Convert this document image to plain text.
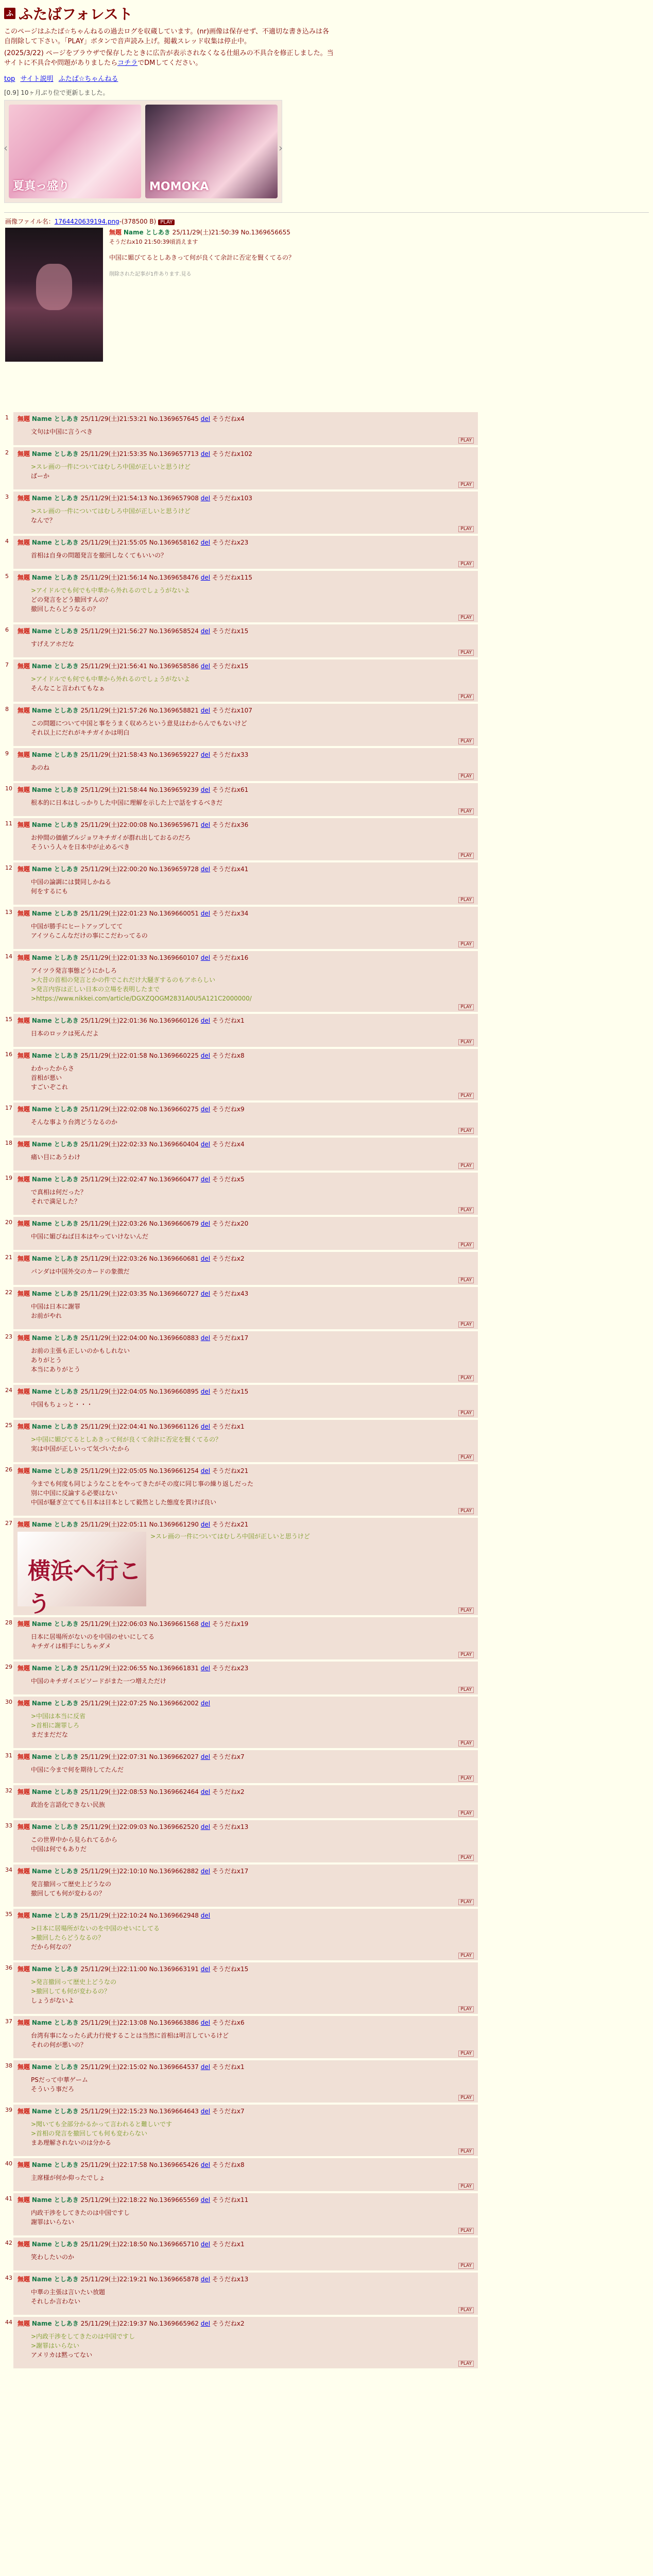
ふ ふたばフォレスト
このページはふたば☆ちゃんねるの過去ログを収蔵しています。(nr)画像は保存せず、不適切な書き込みは各自削除して下さい。「PLAY」ボタンで音声読み上げ。掲載スレッド収集は停止中。
(2025/3/22) ページをブラウザで保存したときに広告が表示されなくなる仕組みの不具合を修正しました。当サイトに不具合や問題がありましたらコチラでDMしてください。
top サイト説明 ふたば☆ちゃんねる
[0.9] 10ヶ月ぶり位で更新しました。
‹
夏真っ盛り	MOMOKA
›
画像ファイル名：1764420639194.png-(378500 B) PLAY
無題 Name としあき 25/11/29(土)21:50:39 No.1369656655
そうだねx10 21:50:39頃消えます
中国に媚びてるとしあきって何が良くて余計に否定を賢くてるの？
削除された記事が1件あります.見る
1 無題 Name としあき 25/11/29(土)21:53:21 No.1369657645 del そうだねx4
文句は中国に言うべき
PLAY
2 無題 Name としあき 25/11/29(土)21:53:35 No.1369657713 del そうだねx102
>スレ画の一件についてはむしろ中国が正しいと思うけど
ばーか
PLAY
3 無題 Name としあき 25/11/29(土)21:54:13 No.1369657908 del そうだねx103
>スレ画の一件についてはむしろ中国が正しいと思うけど
なんで？
PLAY
4 無題 Name としあき 25/11/29(土)21:55:05 No.1369658162 del そうだねx23
首相は自身の問題発言を撤回しなくてもいいの？
PLAY
5 無題 Name としあき 25/11/29(土)21:56:14 No.1369658476 del そうだねx115
>アイドルでも何でも中華から外れるのでしょうがないよ
どの発言をどう撤回すんの？
撤回したらどうなるの？
PLAY
6 無題 Name としあき 25/11/29(土)21:56:27 No.1369658524 del そうだねx15
すげえアホだな
PLAY
7 無題 Name としあき 25/11/29(土)21:56:41 No.1369658586 del そうだねx15
>アイドルでも何でも中華から外れるのでしょうがないよ
そんなこと言われてもなぁ
PLAY
8 無題 Name としあき 25/11/29(土)21:57:26 No.1369658821 del そうだねx107
この問題について中国と事をうまく収めろという意見はわからんでもないけど
それ以上にだれがキチガイかは明白
PLAY
9 無題 Name としあき 25/11/29(土)21:58:43 No.1369659227 del そうだねx33
あのね
PLAY
10 無題 Name としあき 25/11/29(土)21:58:44 No.1369659239 del そうだねx61
根本的に日本はしっかりした中国に理解を示した上で話をするべきだ
PLAY
11 無題 Name としあき 25/11/29(土)22:00:08 No.1369659671 del そうだねx36
お仲間の価値プルジョワキチガイが群れ出しておるのだろ
そういう人々を日本中が止めるべき
PLAY
12 無題 Name としあき 25/11/29(土)22:00:20 No.1369659728 del そうだねx41
中国の論調には賛同しかねる
何をするにも
PLAY
13 無題 Name としあき 25/11/29(土)22:01:23 No.1369660051 del そうだねx34
中国が勝手にヒートアップしてて
アイツらこんなだけの事にこだわってるの
PLAY
14 無題 Name としあき 25/11/29(土)22:01:33 No.1369660107 del そうだねx16
アイツラ発言事態どうにかしろ
>大昔の首相の発言とかの件でこれだけ大騒ぎするのもアホらしい
>発言内容は正しい日本の立場を表明したまで
>https://www.nikkei.com/article/DGXZQOGM2831A0U5A121C2000000/
PLAY
15 無題 Name としあき 25/11/29(土)22:01:36 No.1369660126 del そうだねx1
日本のロックは死んだよ
PLAY
16 無題 Name としあき 25/11/29(土)22:01:58 No.1369660225 del そうだねx8
わかったからさ
首相が悪い
すごいぞこれ
PLAY
17 無題 Name としあき 25/11/29(土)22:02:08 No.1369660275 del そうだねx9
そんな事より台湾どうなるのか
PLAY
18 無題 Name としあき 25/11/29(土)22:02:33 No.1369660404 del そうだねx4
痛い目にあうわけ
PLAY
19 無題 Name としあき 25/11/29(土)22:02:47 No.1369660477 del そうだねx5
で真相は何だった？
それで満足した？
PLAY
20 無題 Name としあき 25/11/29(土)22:03:26 No.1369660679 del そうだねx20
中国に媚びねば日本はやっていけないんだ
PLAY
21 無題 Name としあき 25/11/29(土)22:03:26 No.1369660681 del そうだねx2
パンダは中国外交のカードの象徴だ
PLAY
22 無題 Name としあき 25/11/29(土)22:03:35 No.1369660727 del そうだねx43
中国は日本に謝罪
お前がやれ
PLAY
23 無題 Name としあき 25/11/29(土)22:04:00 No.1369660883 del そうだねx17
お前の主張も正しいのかもしれない
ありがとう
本当にありがとう
PLAY
24 無題 Name としあき 25/11/29(土)22:04:05 No.1369660895 del そうだねx15
中国もちょっと・・・
PLAY
25 無題 Name としあき 25/11/29(土)22:04:41 No.1369661126 del そうだねx1
>中国に媚びてるとしあきって何が良くて余計に否定を賢くてるの？
実は中国が正しいって気づいたから
PLAY
26 無題 Name としあき 25/11/29(土)22:05:05 No.1369661254 del そうだねx21
今までも何度も同じようなことをやってきたがその度に同じ事の繰り返しだった
別に中国に反論する必要はない
中国が騒ぎ立てても日本は日本として毅然とした態度を貫けば良い
PLAY
27 無題 Name としあき 25/11/29(土)22:05:11 No.1369661290 del そうだねx21
横浜へ行こう
>スレ画の一件についてはむしろ中国が正しいと思うけど
PLAY
28 無題 Name としあき 25/11/29(土)22:06:03 No.1369661568 del そうだねx19
日本に居場所がないのを中国のせいにしてる
キチガイは相手にしちゃダメ
PLAY
29 無題 Name としあき 25/11/29(土)22:06:55 No.1369661831 del そうだねx23
中国のキチガイエピソードがまた一つ増えただけ
PLAY
30 無題 Name としあき 25/11/29(土)22:07:25 No.1369662002 del
>中国は本当に反省
>首相に謝罪しろ
まだまだだな
PLAY
31 無題 Name としあき 25/11/29(土)22:07:31 No.1369662027 del そうだねx7
中国に今まで何を期待してたんだ
PLAY
32 無題 Name としあき 25/11/29(土)22:08:53 No.1369662464 del そうだねx2
政治を言語化できない民族
PLAY
33 無題 Name としあき 25/11/29(土)22:09:03 No.1369662520 del そうだねx13
この世界中から見られてるから
中国は何でもありだ
PLAY
34 無題 Name としあき 25/11/29(土)22:10:10 No.1369662882 del そうだねx17
発言撤回って歴史上どうなの
撤回しても何が変わるの？
PLAY
35 無題 Name としあき 25/11/29(土)22:10:24 No.1369662948 del
>日本に居場所がないのを中国のせいにしてる
>撤回したらどうなるの？
だから何なの？
PLAY
36 無題 Name としあき 25/11/29(土)22:11:00 No.1369663191 del そうだねx15
>発言撤回って歴史上どうなの
>撤回しても何が変わるの？
しょうがないよ
PLAY
37 無題 Name としあき 25/11/29(土)22:13:08 No.1369663886 del そうだねx6
台湾有事になったら武力行使することは当然に首相は明言しているけど
それの何が悪いの？
PLAY
38 無題 Name としあき 25/11/29(土)22:15:02 No.1369664537 del そうだねx1
PSだって中華ゲーム
そういう事だろ
PLAY
39 無題 Name としあき 25/11/29(土)22:15:23 No.1369664643 del そうだねx7
>聞いても全部分かるかって言われると難しいです
>首相の発言を撤回しても何も変わらない
まあ理解されないのは分かる
PLAY
40 無題 Name としあき 25/11/29(土)22:17:58 No.1369665426 del そうだねx8
主席様が何か仰ったでしょ
PLAY
41 無題 Name としあき 25/11/29(土)22:18:22 No.1369665569 del そうだねx11
内政干渉をしてきたのは中国ですし
謝罪はいらない
PLAY
42 無題 Name としあき 25/11/29(土)22:18:50 No.1369665710 del そうだねx1
笑わしたいのか
PLAY
43 無題 Name としあき 25/11/29(土)22:19:21 No.1369665878 del そうだねx13
中華の主張は言いたい放題
それしか言わない
PLAY
44 無題 Name としあき 25/11/29(土)22:19:37 No.1369665962 del そうだねx2
>内政干渉をしてきたのは中国ですし
>謝罪はいらない
アメリカは黙ってない
PLAY
